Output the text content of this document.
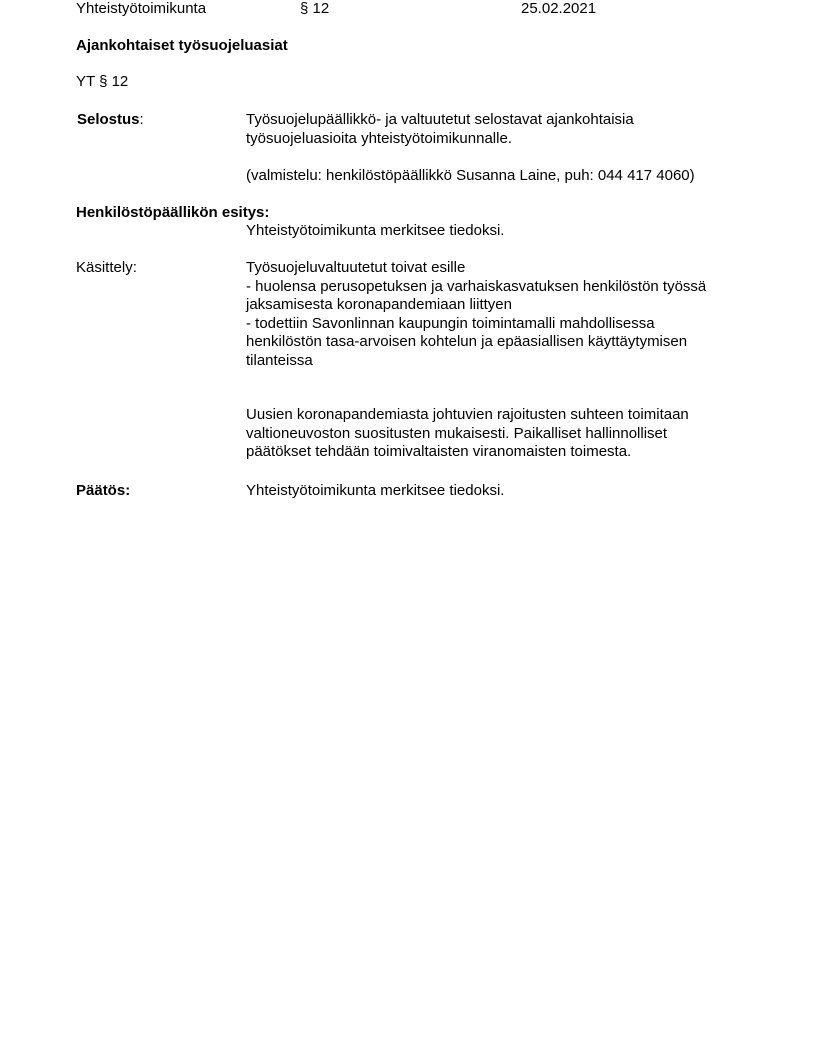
Yhteistyötoimikunta	§ 12	25.02.2021
Ajankohtaiset työsuojeluasiat
YT § 12
Selostus:	Työsuojelupäällikkö- ja valtuutetut selostavat ajankohtaisia
työsuojeluasioita yhteistyötoimikunnalle.
(valmistelu: henkilöstöpäällikkö Susanna Laine, puh: 044 417 4060)
Henkilöstöpäällikön esitys:
Yhteistyötoimikunta merkitsee tiedoksi.
Käsittely:	Työsuojeluvaltuutetut toivat esille
- huolensa perusopetuksen ja varhaiskasvatuksen henkilöstön työssä
jaksamisesta koronapandemiaan liittyen
- todettiin Savonlinnan kaupungin toimintamalli mahdollisessa
henkilöstön tasa-arvoisen kohtelun ja epäasiallisen käyttäytymisen
tilanteissa
Uusien koronapandemiasta johtuvien rajoitusten suhteen toimitaan
valtioneuvoston suositusten mukaisesti. Paikalliset hallinnolliset
päätökset tehdään toimivaltaisten viranomaisten toimesta.
Päätös:	Yhteistyötoimikunta merkitsee tiedoksi.
